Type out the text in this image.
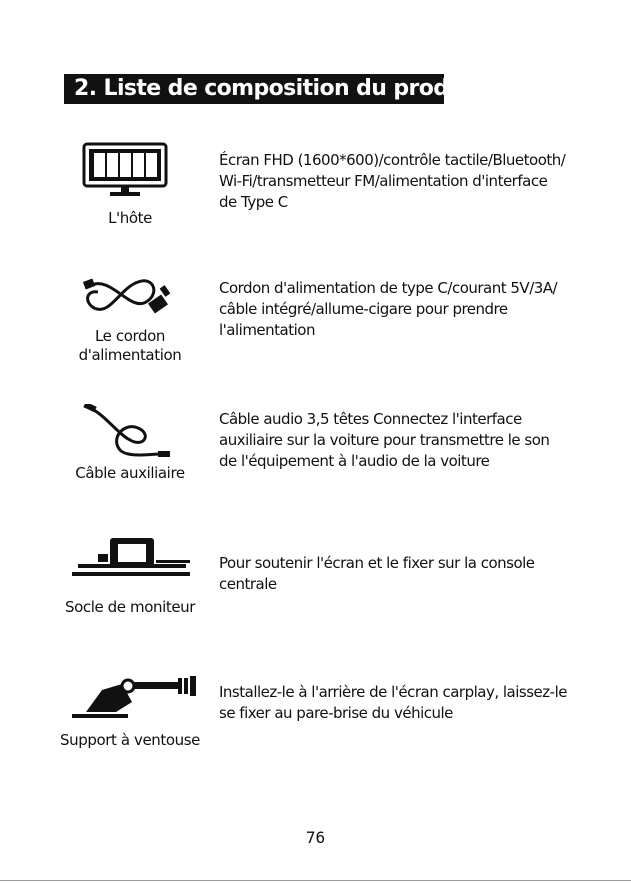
2. Liste de composition du produit
L'hôte
Écran FHD (1600*600)/contrôle tactile/Bluetooth/ Wi-Fi/transmetteur FM/alimentation d'interface de Type C
Le cordon d'alimentation
Cordon d'alimentation de type C/courant 5V/3A/ câble intégré/allume-cigare pour prendre l'alimentation
Câble auxiliaire
Câble audio 3,5 têtes Connectez l'interface auxiliaire sur la voiture pour transmettre le son de l'équipement à l'audio de la voiture
Socle de moniteur
Pour soutenir l'écran et le fixer sur la console centrale
Support à ventouse
Installez-le à l'arrière de l'écran carplay, laissez-le se fixer au pare-brise du véhicule
76
